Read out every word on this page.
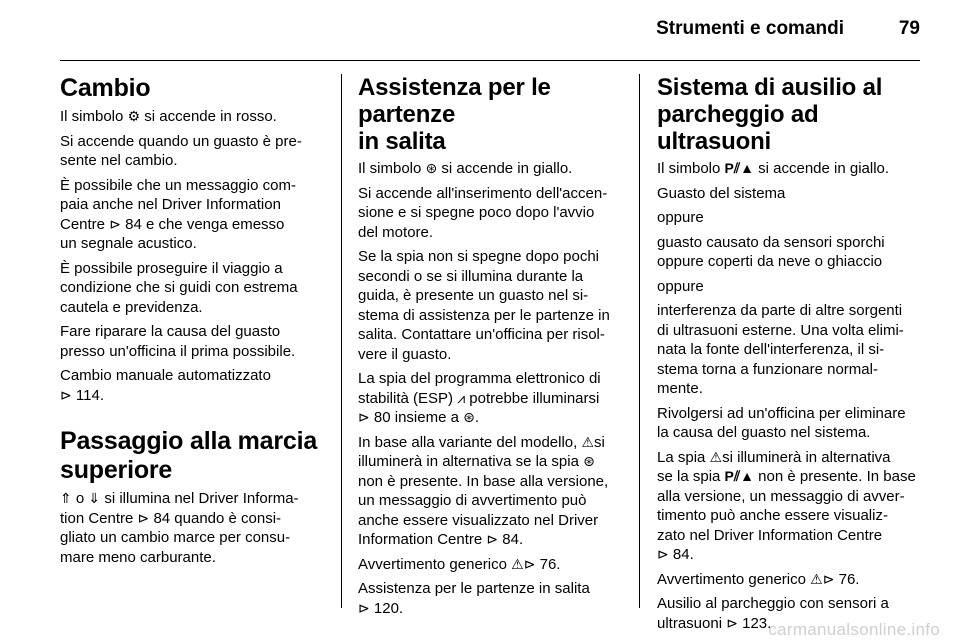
Strumenti e comandi	79
Cambio

Il simbolo ⚙ si accende in rosso.

Si accende quando un guasto è pre-
sente nel cambio.

È possibile che un messaggio com-
paia anche nel Driver Information
Centre ⊳ 84 e che venga emesso
un segnale acustico.

È possibile proseguire il viaggio a
condizione che si guidi con estrema
cautela e previdenza.

Fare riparare la causa del guasto
presso un'officina il prima possibile.

Cambio manuale automatizzato
⊳ 114.

Passaggio alla marcia
superiore

⇑ o ⇓ si illumina nel Driver Informa-
tion Centre ⊳ 84 quando è consi-
gliato un cambio marce per consu-
mare meno carburante.

Assistenza per le partenze
in salita

Il simbolo ⊛ si accende in giallo.

Si accende all'inserimento dell'accen-
sione e si spegne poco dopo l'avvio
del motore.

Se la spia non si spegne dopo pochi
secondi o se si illumina durante la
guida, è presente un guasto nel si-
stema di assistenza per le partenze in
salita. Contattare un'officina per risol-
vere il guasto.

La spia del programma elettronico di
stabilità (ESP) ⩘ potrebbe illuminarsi
⊳ 80 insieme a ⊛.

In base alla variante del modello, ⚠si
illuminerà in alternativa se la spia ⊛
non è presente. In base alla versione,
un messaggio di avvertimento può
anche essere visualizzato nel Driver
Information Centre ⊳ 84.

Avvertimento generico ⚠⊳ 76.

Assistenza per le partenze in salita
⊳ 120.

Sistema di ausilio al
parcheggio ad ultrasuoni

Il simbolo P⫽▲ si accende in giallo.

Guasto del sistema

oppure

guasto causato da sensori sporchi
oppure coperti da neve o ghiaccio

oppure

interferenza da parte di altre sorgenti
di ultrasuoni esterne. Una volta elimi-
nata la fonte dell'interferenza, il si-
stema torna a funzionare normal-
mente.

Rivolgersi ad un'officina per eliminare
la causa del guasto nel sistema.

La spia ⚠si illuminerà in alternativa
se la spia P⫽▲ non è presente. In base
alla versione, un messaggio di avver-
timento può anche essere visualiz-
zato nel Driver Information Centre
⊳ 84.

Avvertimento generico ⚠⊳ 76.

Ausilio al parcheggio con sensori a
ultrasuoni ⊳ 123.

carmanualsonline.info
